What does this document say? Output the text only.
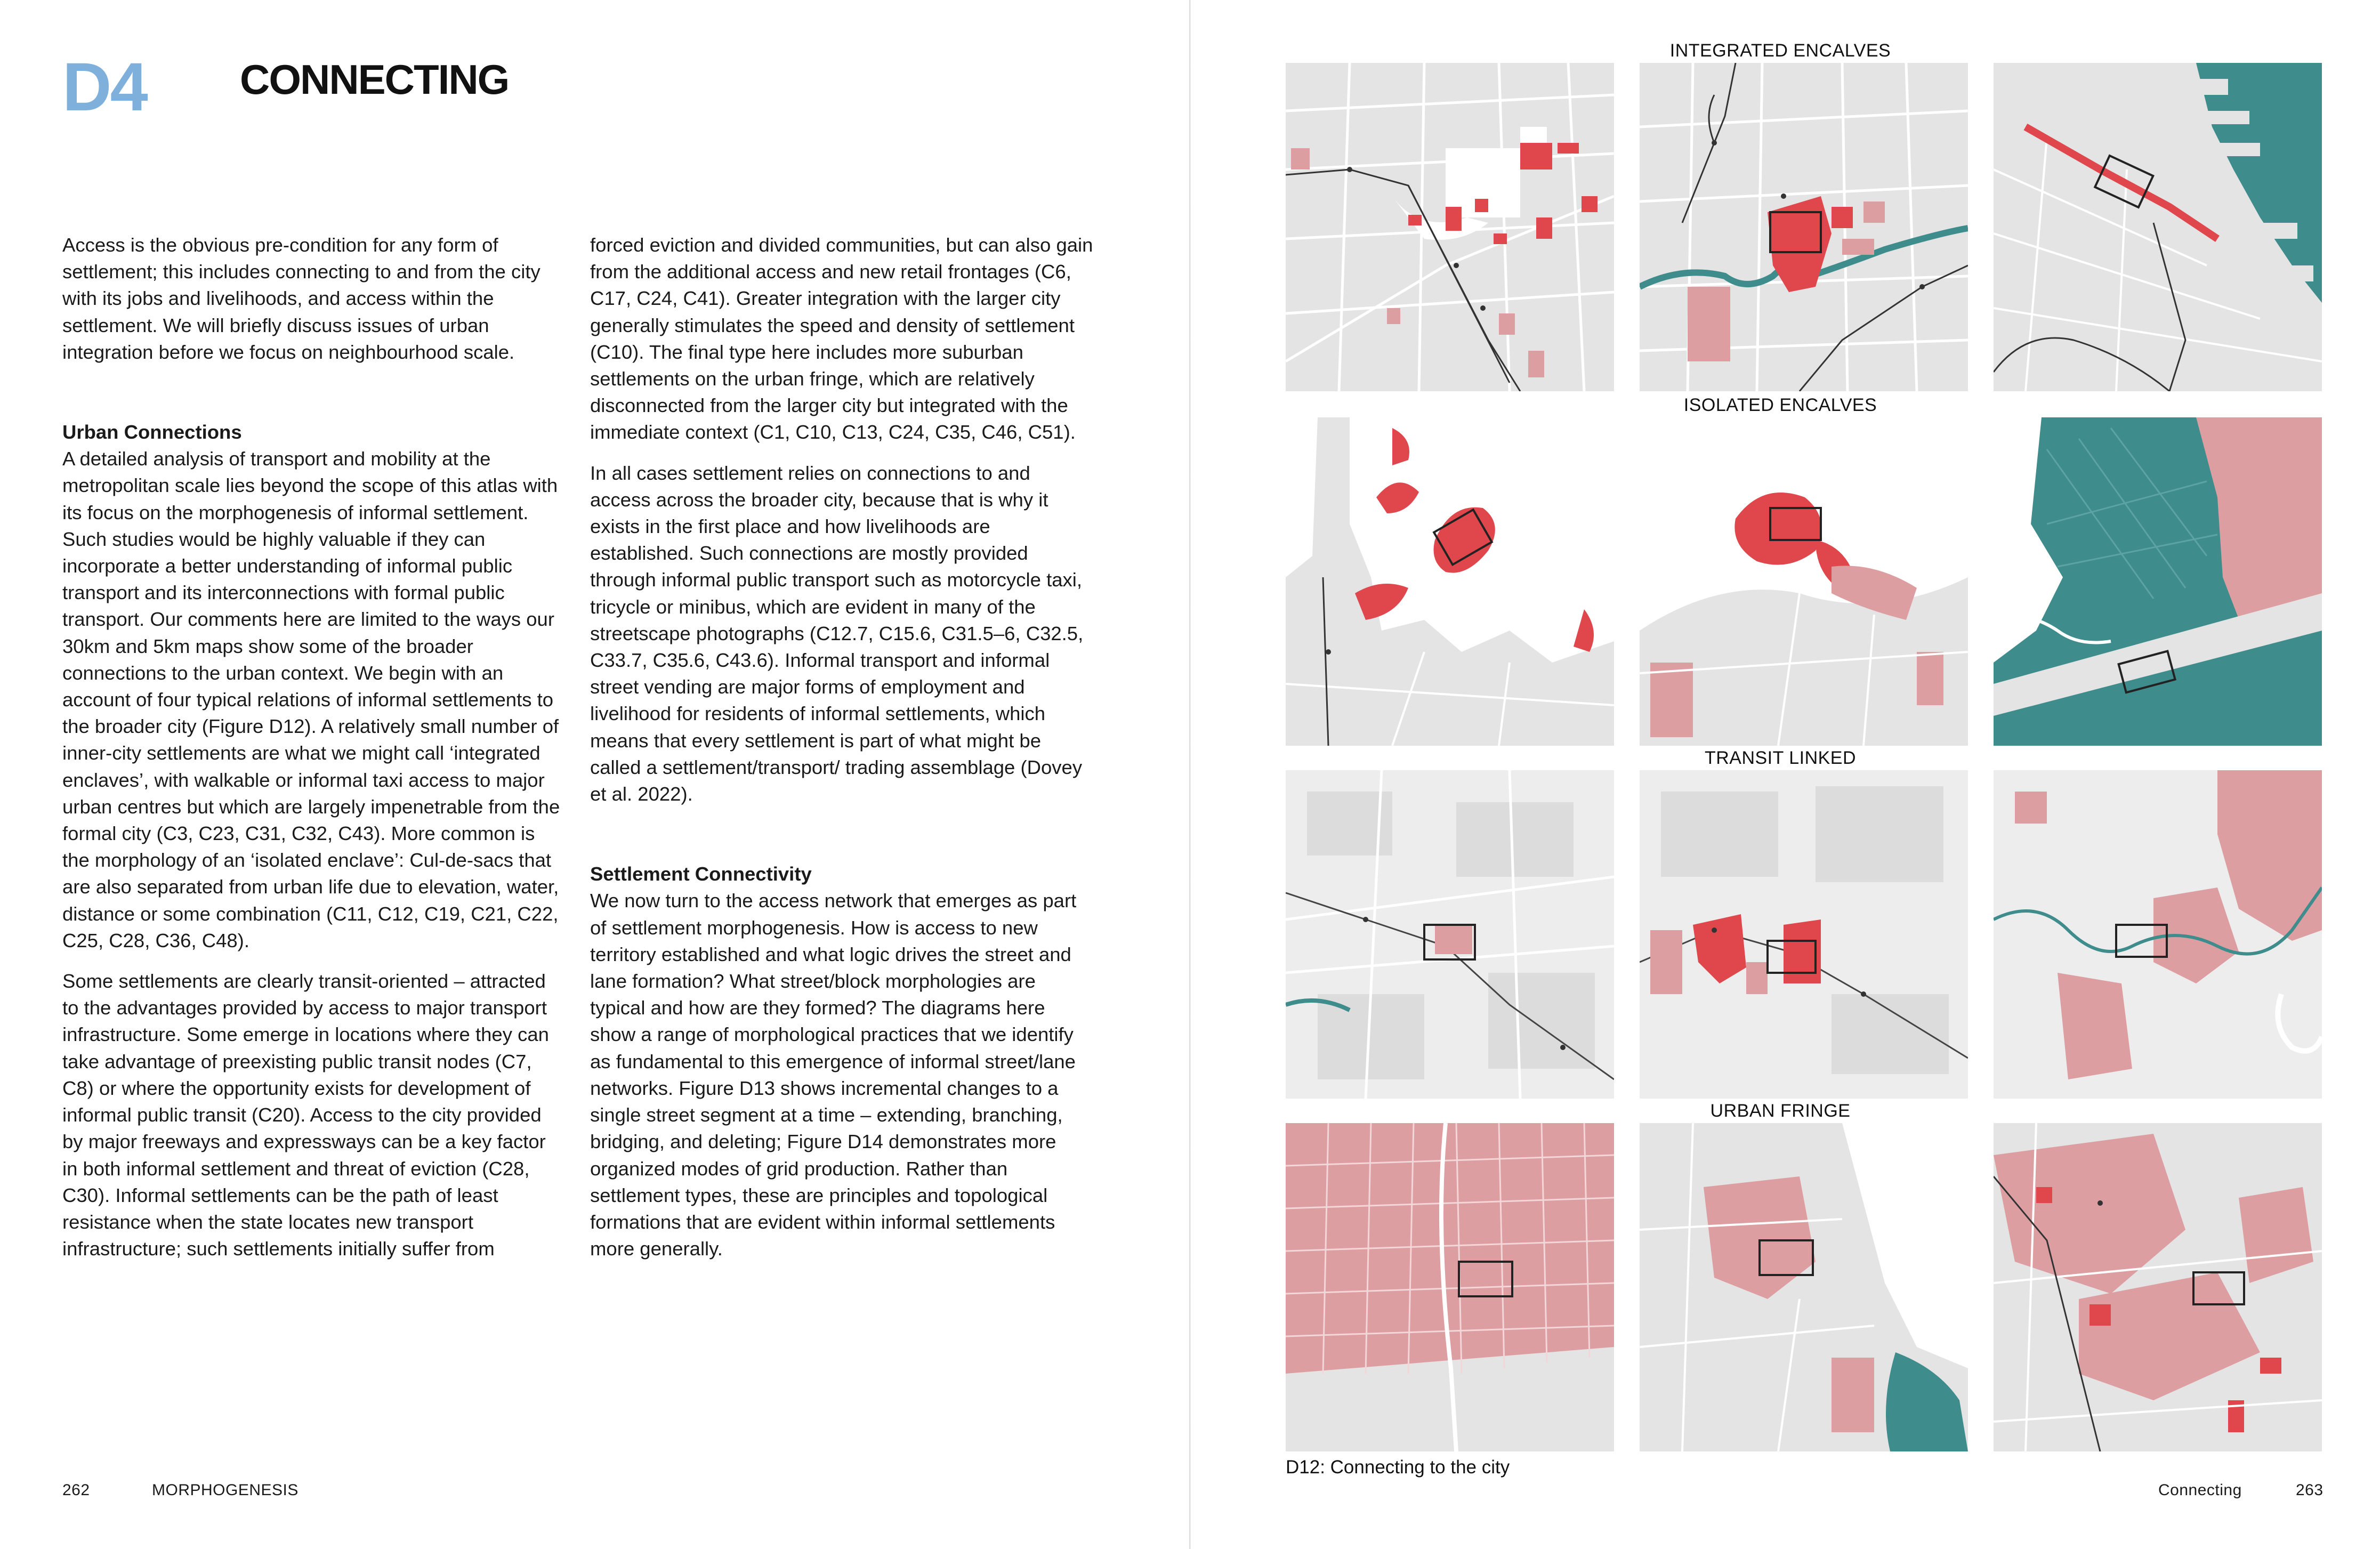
D4 CONNECTING

Access is the obvious pre-condition for any form of settlement; this includes connecting to and from the city with its jobs and livelihoods, and access within the settlement. We will briefly discuss issues of urban integration before we focus on neighbourhood scale.

Urban Connections

A detailed analysis of transport and mobility at the metropolitan scale lies beyond the scope of this atlas with its focus on the morphogenesis of informal settlement. Such studies would be highly valuable if they can incorporate a better understanding of informal public transport and its interconnections with formal public transport. Our comments here are limited to the ways our 30km and 5km maps show some of the broader connections to the urban context. We begin with an account of four typical relations of informal settlements to the broader city (Figure D12). A relatively small number of inner-city settlements are what we might call ‘integrated enclaves’, with walkable or informal taxi access to major urban centres but which are largely impenetrable from the formal city (C3, C23, C31, C32, C43). More common is the morphology of an ‘isolated enclave’: Cul-de-sacs that are also separated from urban life due to elevation, water, distance or some combination (C11, C12, C19, C21, C22, C25, C28, C36, C48).

Some settlements are clearly transit-oriented – attracted to the advantages provided by access to major transport infrastructure. Some emerge in locations where they can take advantage of preexisting public transit nodes (C7, C8) or where the opportunity exists for development of informal public transit (C20). Access to the city provided by major freeways and expressways can be a key factor in both informal settlement and threat of eviction (C28, C30). Informal settlements can be the path of least resistance when the state locates new transport infrastructure; such settlements initially suffer from

forced eviction and divided communities, but can also gain from the additional access and new retail frontages (C6, C17, C24, C41). Greater integration with the larger city generally stimulates the speed and density of settlement (C10). The final type here includes more suburban settlements on the urban fringe, which are relatively disconnected from the larger city but integrated with the immediate context (C1, C10, C13, C24, C35, C46, C51).

In all cases settlement relies on connections to and access across the broader city, because that is why it exists in the first place and how livelihoods are established. Such connections are mostly provided through informal public transport such as motorcycle taxi, tricycle or minibus, which are evident in many of the streetscape photographs (C12.7, C15.6, C31.5–6, C32.5, C33.7, C35.6, C43.6). Informal transport and informal street vending are major forms of employment and livelihood for residents of informal settlements, which means that every settlement is part of what might be called a settlement/transport/ trading assemblage (Dovey et al. 2022).

Settlement Connectivity

We now turn to the access network that emerges as part of settlement morphogenesis. How is access to new territory established and what logic drives the street and lane formation? What street/block morphologies are typical and how are they formed? The diagrams here show a range of morphological practices that we identify as fundamental to this emergence of informal street/lane networks. Figure D13 shows incremental changes to a single street segment at a time – extending, branching, bridging, and deleting; Figure D14 demonstrates more organized modes of grid production. Rather than settlement types, these are principles and topological formations that are evident within informal settlements more generally.

262	MORPHOGENESIS
INTEGRATED ENCALVES
ISOLATED ENCALVES
TRANSIT LINKED
URBAN FRINGE
D12: Connecting to the city
Connecting	263
